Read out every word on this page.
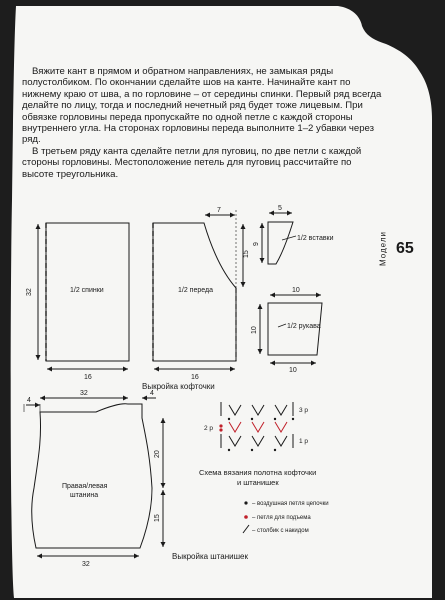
Вяжите кант в прямом и обратном направлениях, не замыкая ряды полустолбиком. По окончании сделайте шов на канте. Начинайте кант по нижнему краю от шва, а по горловине – от середины спинки. Первый ряд всегда делайте по лицу, тогда и последний нечетный ряд будет тоже лицевым. При обвязке горловины переда пропускайте по одной петле с каждой стороны внутреннего угла. На сторонах горловины переда выполните 1–2 убавки через ряд.

В третьем ряду канта сделайте петли для пуговиц, по две петли с каждой стороны горловины. Местоположение петель для пуговиц рассчитайте по высоте треугольника.

Модели 65
1/2 спинки	1/2 переда
1/2 вставки
1/2 рукава
32
16	16
7
15
5
9
10
10
10
Правая/левая
штанина
32
4
4
20
15
32
Выкройка кофточки
Выкройка штанишек
3 р
2 р
1 р
Схема вязания полотна кофточки
и штанишек
– воздушная петля цепочки
– петля для подъема
– столбик с накидом
